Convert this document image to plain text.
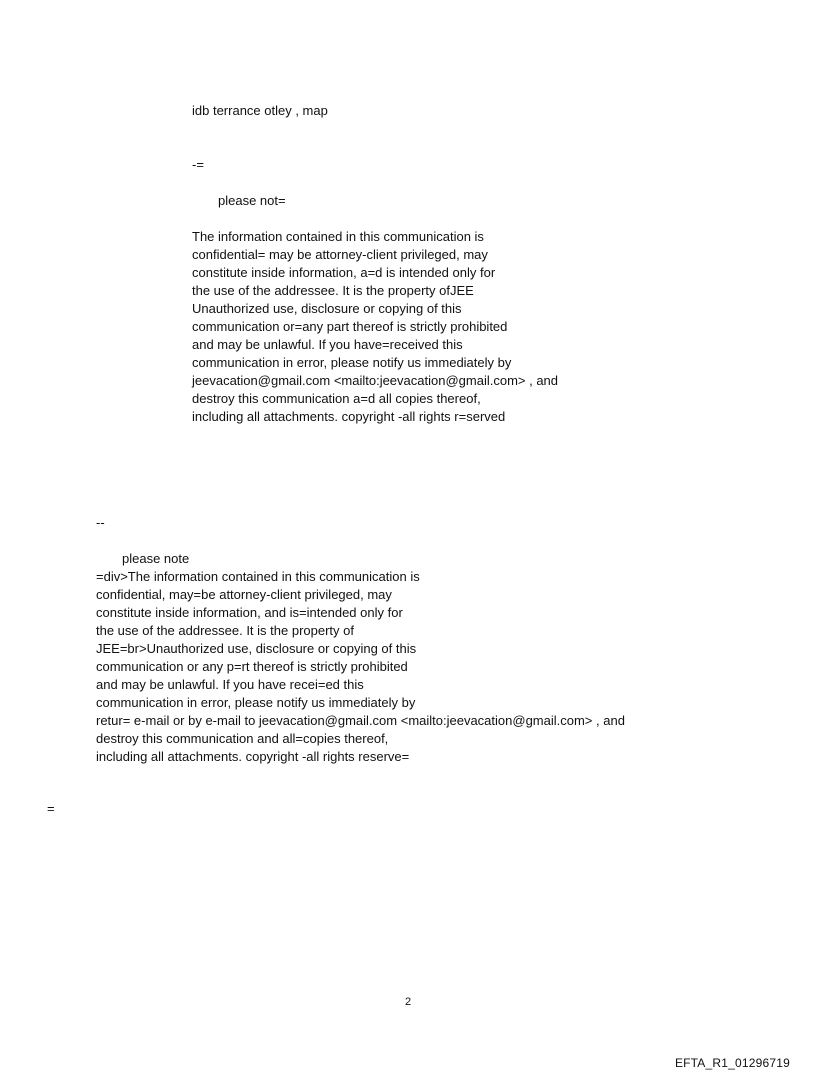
idb terrance otley , map
-=
please not=
The information contained in this communication is
confidential= may be attorney-client privileged, may
constitute inside information, a=d is intended only for
the use of the addressee. It is the property ofJEE
Unauthorized use, disclosure or copying of this
communication or=any part thereof is strictly prohibited
and may be unlawful. If you have=received this
communication in error, please notify us immediately by
jeevacation@gmail.com <mailto:jeevacation@gmail.com> , and
destroy this communication a=d all copies thereof,
including all attachments. copyright -all rights r=served
--
please note
=div>The information contained in this communication is
confidential, may=be attorney-client privileged, may
constitute inside information, and is=intended only for
the use of the addressee. It is the property of
JEE=br>Unauthorized use, disclosure or copying of this
communication or any p=rt thereof is strictly prohibited
and may be unlawful. If you have recei=ed this
communication in error, please notify us immediately by
retur= e-mail or by e-mail to jeevacation@gmail.com <mailto:jeevacation@gmail.com> , and
destroy this communication and all=copies thereof,
including all attachments. copyright -all rights reserve=
=
2
EFTA_R1_01296719
